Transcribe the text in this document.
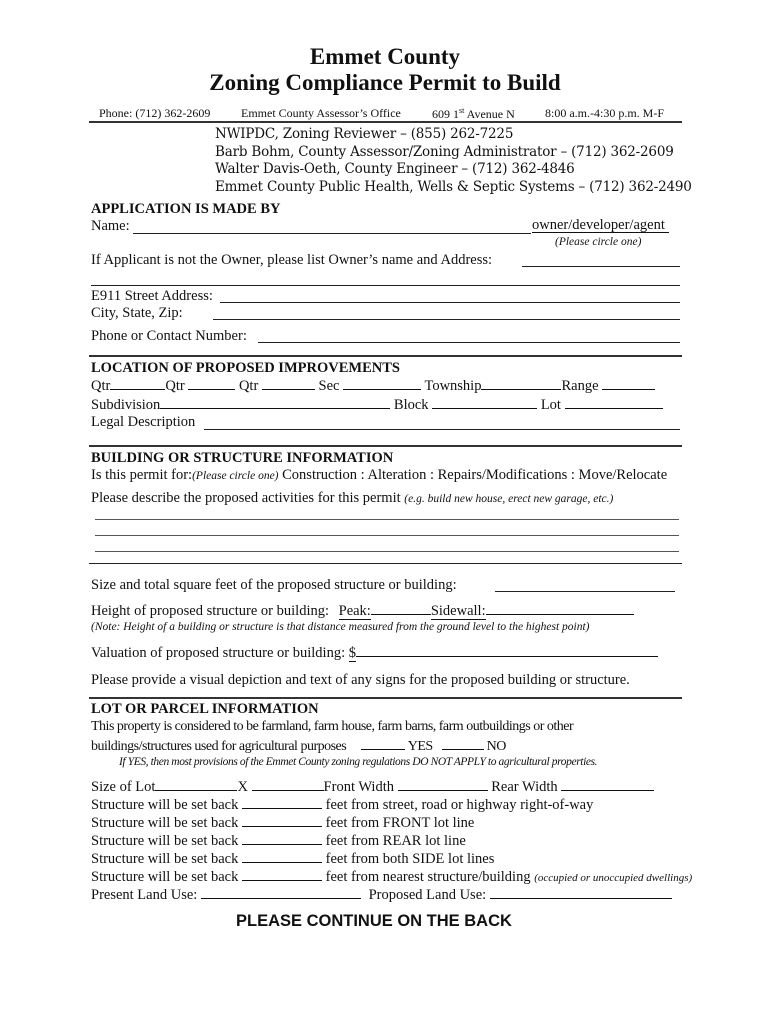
Emmet County
Zoning Compliance Permit to Build
Phone: (712) 362-2609	Emmet County Assessor’s Office	609 1st Avenue N	8:00 a.m.-4:30 p.m. M-F
NWIPDC, Zoning Reviewer – (855) 262-7225
Barb Bohm, County Assessor/Zoning Administrator – (712) 362-2609
Walter Davis-Oeth, County Engineer – (712) 362-4846
Emmet County Public Health, Wells & Septic Systems – (712) 362-2490
APPLICATION IS MADE BY
Name:	owner/developer/agent
(Please circle one)
If Applicant is not the Owner, please list Owner’s name and Address:
E911 Street Address:
City, State, Zip:
Phone or Contact Number:
LOCATION OF PROPOSED IMPROVEMENTS
Qtr	Qtr	Qtr	Sec	Township	Range
Subdivision	Block	Lot
Legal Description
BUILDING OR STRUCTURE INFORMATION
Is this permit for:(Please circle one) Construction : Alteration : Repairs/Modifications : Move/Relocate
Please describe the proposed activities for this permit (e.g. build new house, erect new garage, etc.)
Size and total square feet of the proposed structure or building:
Height of proposed structure or building: Peak:	Sidewall:
(Note: Height of a building or structure is that distance measured from the ground level to the highest point)
Valuation of proposed structure or building: $
Please provide a visual depiction and text of any signs for the proposed building or structure.
LOT OR PARCEL INFORMATION
This property is considered to be farmland, farm house, farm barns, farm outbuildings or other
buildings/structures used for agricultural purposes	YES	NO
If YES, then most provisions of the Emmet County zoning regulations DO NOT APPLY to agricultural properties.
Size of Lot	X	Front Width	Rear Width
Structure will be set back	feet from street, road or highway right-of-way
Structure will be set back	feet from FRONT lot line
Structure will be set back	feet from REAR lot line
Structure will be set back	feet from both SIDE lot lines
Structure will be set back	feet from nearest structure/building (occupied or unoccupied dwellings)
Present Land Use:	Proposed Land Use:
PLEASE CONTINUE ON THE BACK
